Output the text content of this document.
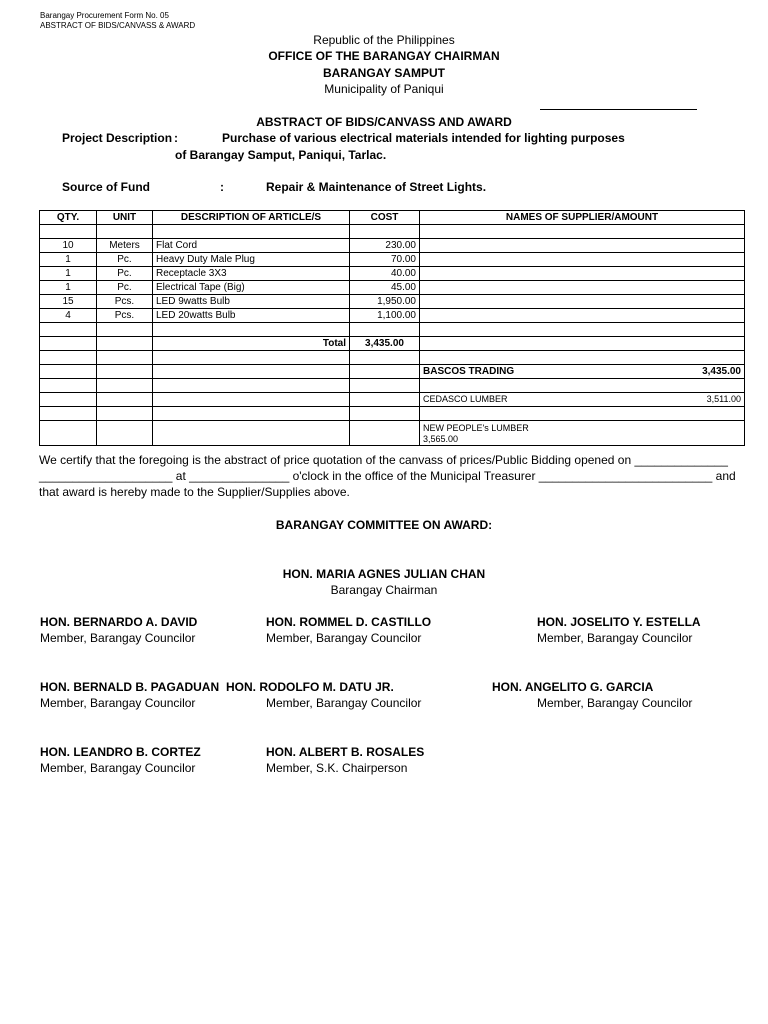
Barangay Procurement Form No. 05
ABSTRACT OF BIDS/CANVASS & AWARD
Republic of the Philippines
OFFICE OF THE BARANGAY CHAIRMAN
BARANGAY SAMPUT
Municipality of Paniqui
ABSTRACT OF BIDS/CANVASS AND AWARD
Project Description :	Purchase of various electrical materials intended for lighting purposes
of Barangay Samput, Paniqui, Tarlac.
Source of Fund	:	Repair & Maintenance of Street Lights.
QTY.	UNIT	DESCRIPTION OF ARTICLE/S	COST	NAMES OF SUPPLIER/AMOUNT

10	Meters	Flat Cord	230.00	
1	Pc.	Heavy Duty Male Plug	70.00	
1	Pc.	Receptacle 3X3	40.00	
1	Pc.	Electrical Tape (Big)	45.00	
15	Pcs.	LED 9watts Bulb	1,950.00	
4	Pcs.	LED 20watts Bulb	1,100.00	

		Total	3,435.00	

				BASCOS TRADING 3,435.00

				CEDASCO LUMBER 3,511.00

				NEW PEOPLE's LUMBER
3,565.00
We certify that the foregoing is the abstract of price quotation of the canvass of prices/Public Bidding opened on ______________
____________________ at _______________ o'clock in the office of the Municipal Treasurer __________________________ and
that award is hereby made to the Supplier/Supplies above.
BARANGAY COMMITTEE ON AWARD:
HON. MARIA AGNES JULIAN CHAN
Barangay Chairman
HON. BERNARDO A. DAVID
Member, Barangay Councilor
HON. ROMMEL D. CASTILLO
Member, Barangay Councilor
HON. JOSELITO Y. ESTELLA
Member, Barangay Councilor
HON. BERNALD B. PAGADUAN
Member, Barangay Councilor
HON. RODOLFO M. DATU JR.
Member, Barangay Councilor
HON. ANGELITO G. GARCIA
Member, Barangay Councilor
HON. LEANDRO B. CORTEZ
Member, Barangay Councilor
HON. ALBERT B. ROSALES
Member, S.K. Chairperson
